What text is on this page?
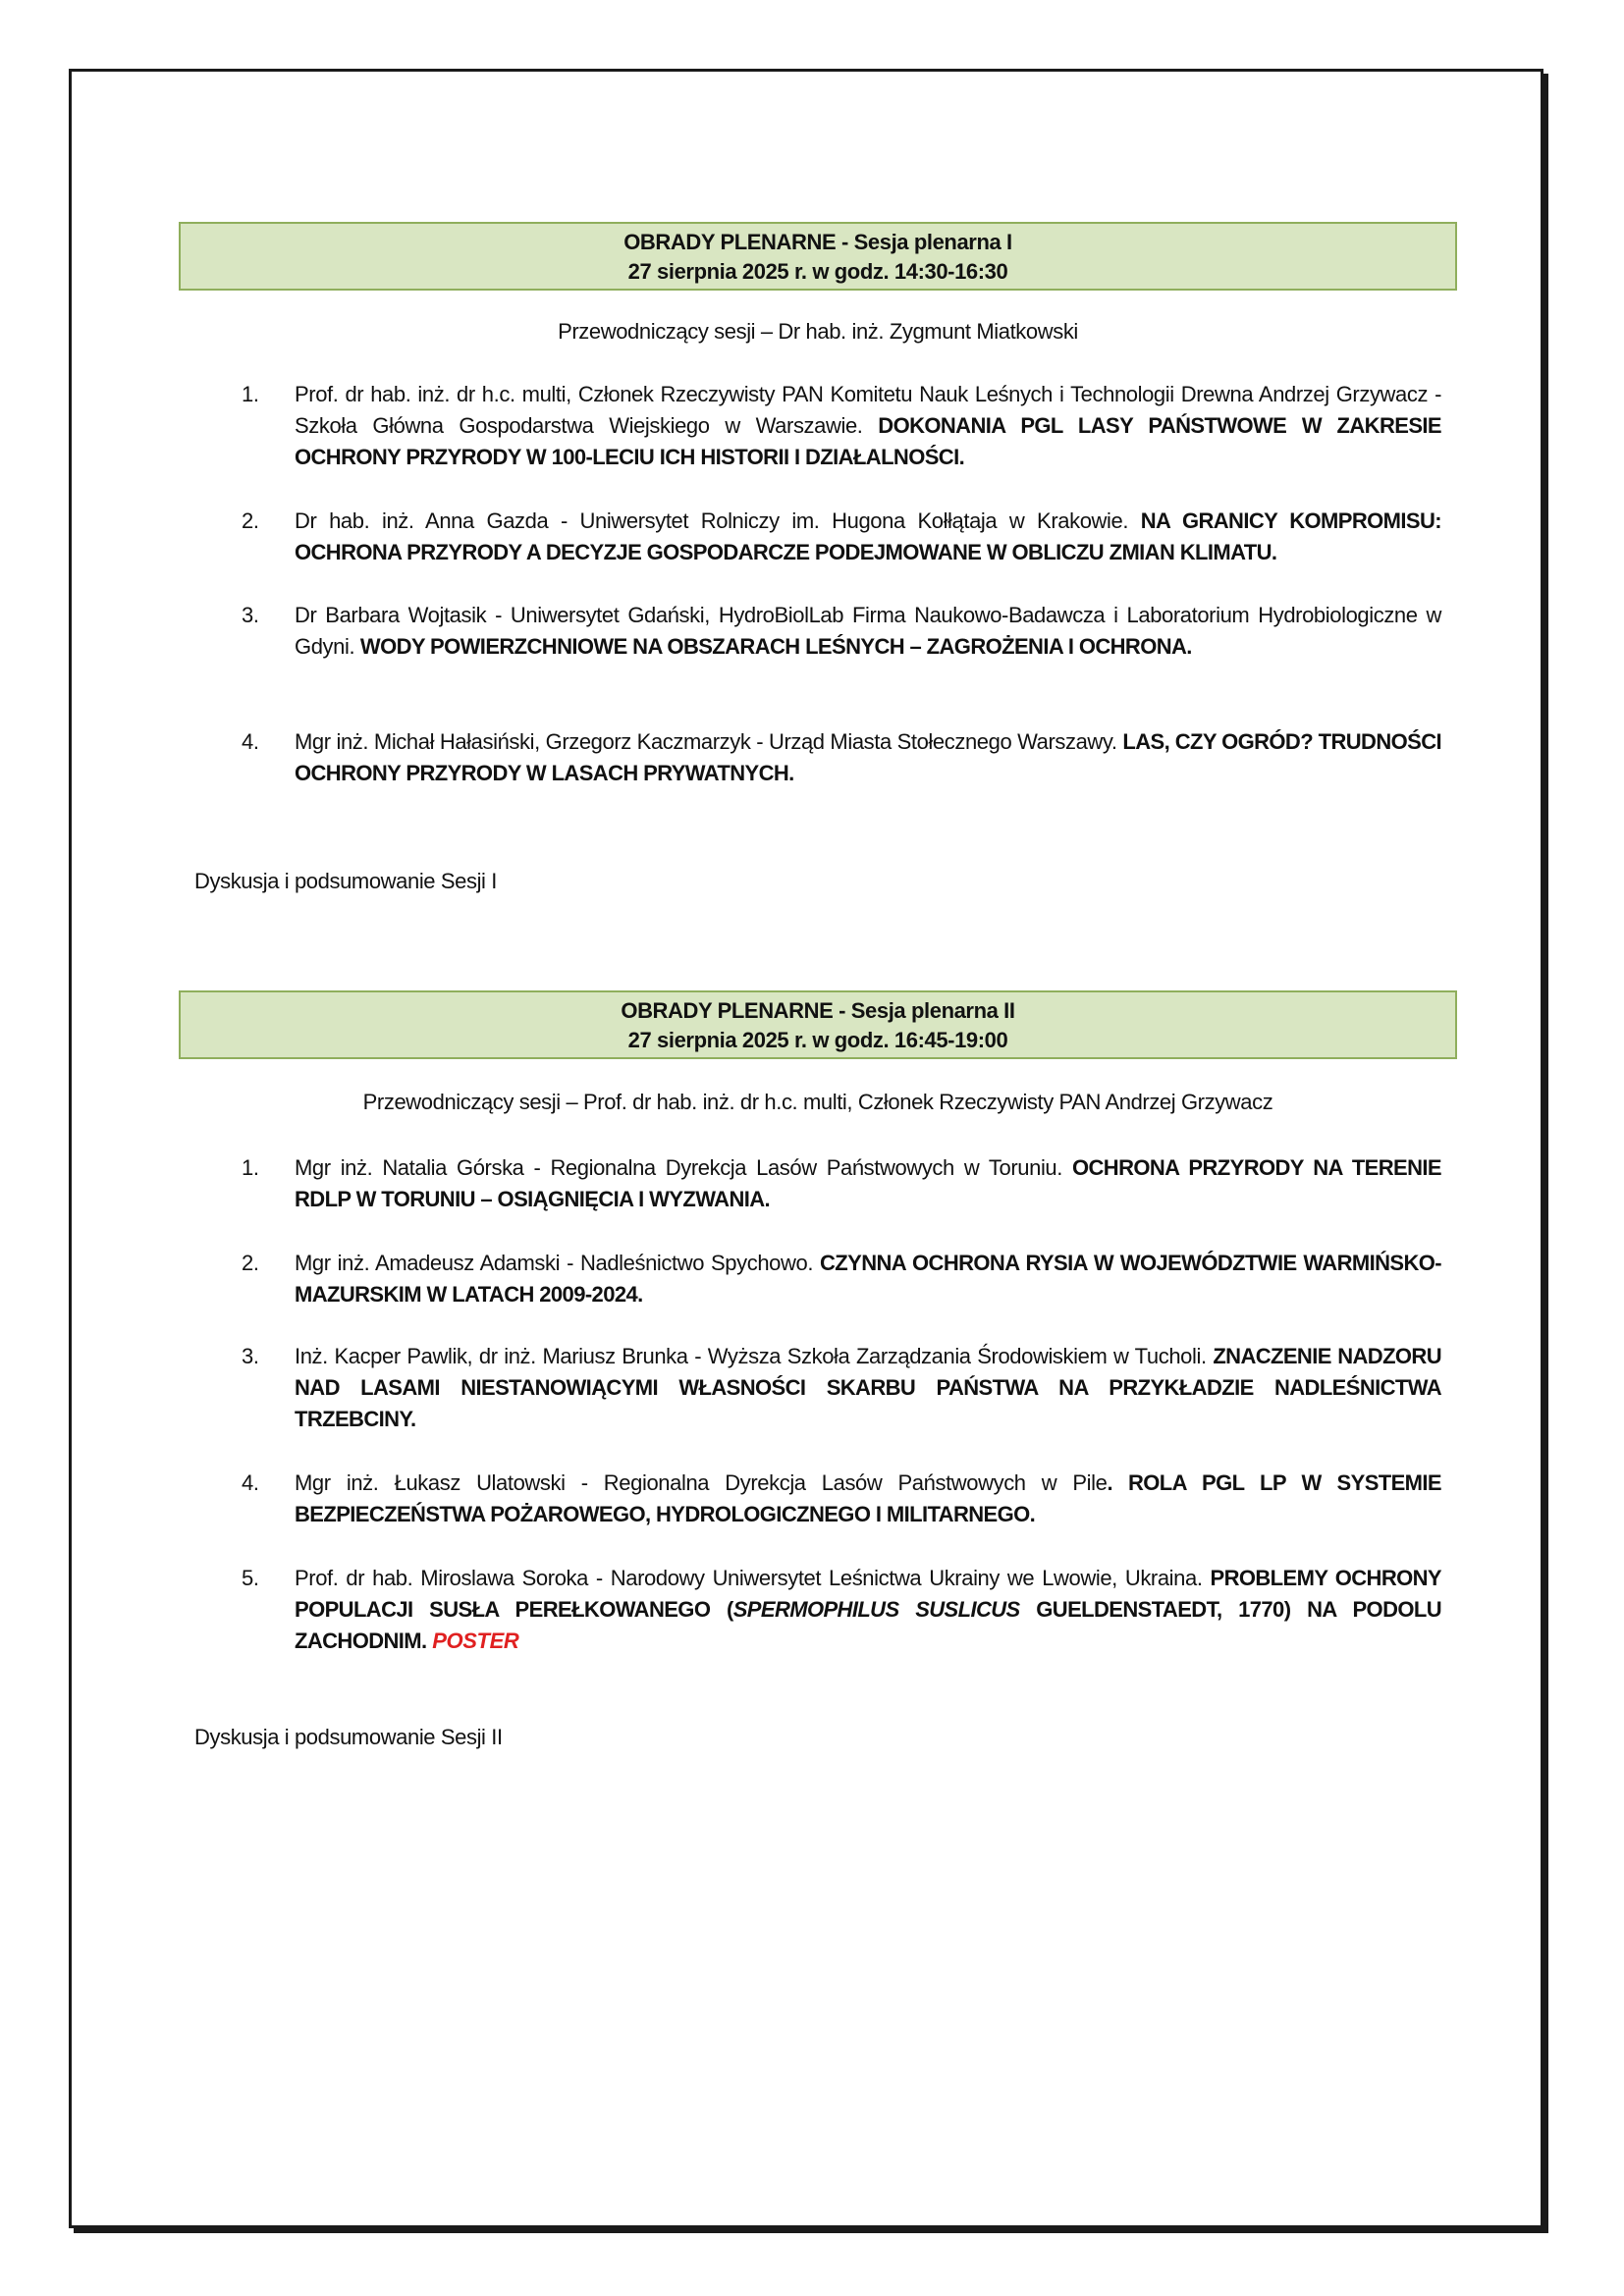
OBRADY PLENARNE - Sesja plenarna I
27 sierpnia 2025 r. w godz. 14:30-16:30
Przewodniczący sesji – Dr hab. inż. Zygmunt Miatkowski
1.	Prof. dr hab. inż. dr h.c. multi, Członek Rzeczywisty PAN Komitetu Nauk Leśnych i Technologii Drewna Andrzej Grzywacz - Szkoła Główna Gospodarstwa Wiejskiego w Warszawie. DOKONANIA PGL LASY PAŃSTWOWE W ZAKRESIE OCHRONY PRZYRODY W 100-LECIU ICH HISTORII I DZIAŁALNOŚCI.
2.	Dr hab. inż. Anna Gazda - Uniwersytet Rolniczy im. Hugona Kołłątaja w Krakowie. NA GRANICY KOMPROMISU: OCHRONA PRZYRODY A DECYZJE GOSPODARCZE PODEJMOWANE W OBLICZU ZMIAN KLIMATU.
3.	Dr Barbara Wojtasik - Uniwersytet Gdański, HydroBiolLab Firma Naukowo-Badawcza i Laboratorium Hydrobiologiczne w Gdyni. WODY POWIERZCHNIOWE NA OBSZARACH LEŚNYCH – ZAGROŻENIA I OCHRONA.
4.	Mgr inż. Michał Hałasiński, Grzegorz Kaczmarzyk - Urząd Miasta Stołecznego Warszawy. LAS, CZY OGRÓD? TRUDNOŚCI OCHRONY PRZYRODY W LASACH PRYWATNYCH.
Dyskusja i podsumowanie Sesji I
OBRADY PLENARNE - Sesja plenarna II
27 sierpnia 2025 r. w godz. 16:45-19:00
Przewodniczący sesji – Prof. dr hab. inż. dr h.c. multi, Członek Rzeczywisty PAN Andrzej Grzywacz
1.	Mgr inż. Natalia Górska - Regionalna Dyrekcja Lasów Państwowych w Toruniu. OCHRONA PRZYRODY NA TERENIE RDLP W TORUNIU – OSIĄGNIĘCIA I WYZWANIA.
2.	Mgr inż. Amadeusz Adamski - Nadleśnictwo Spychowo. CZYNNA OCHRONA RYSIA W WOJEWÓDZTWIE WARMIŃSKO-MAZURSKIM W LATACH 2009-2024.
3.	Inż. Kacper Pawlik, dr inż. Mariusz Brunka - Wyższa Szkoła Zarządzania Środowiskiem w Tucholi. ZNACZENIE NADZORU NAD LASAMI NIESTANOWIĄCYMI WŁASNOŚCI SKARBU PAŃSTWA NA PRZYKŁADZIE NADLEŚNICTWA TRZEBCINY.
4.	Mgr inż. Łukasz Ulatowski - Regionalna Dyrekcja Lasów Państwowych w Pile. ROLA PGL LP W SYSTEMIE BEZPIECZEŃSTWA POŻAROWEGO, HYDROLOGICZNEGO I MILITARNEGO.
5.	Prof. dr hab. Miroslawa Soroka - Narodowy Uniwersytet Leśnictwa Ukrainy we Lwowie, Ukraina. PROBLEMY OCHRONY POPULACJI SUSŁA PEREŁKOWANEGO (SPERMOPHILUS SUSLICUS GUELDENSTAEDT, 1770) NA PODOLU ZACHODNIM. POSTER
Dyskusja i podsumowanie Sesji II
